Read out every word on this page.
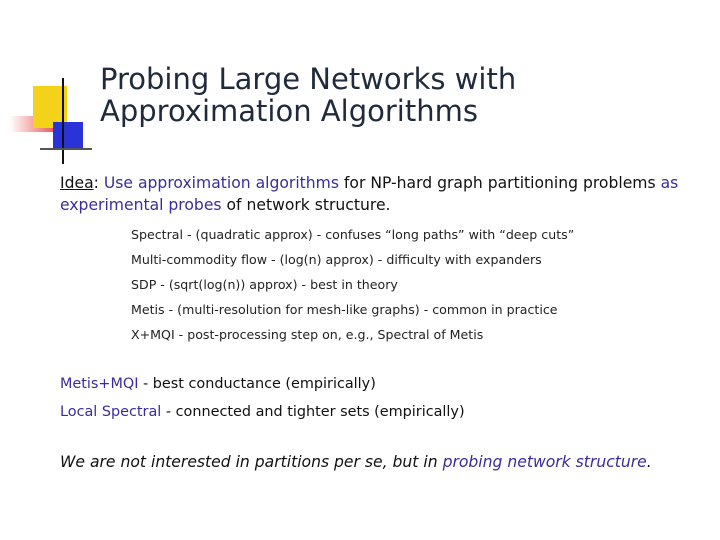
Probing Large Networks with
Approximation Algorithms

Idea: Use approximation algorithms for NP-hard graph partitioning problems as experimental probes of network structure.

Spectral - (quadratic approx) - confuses “long paths” with “deep cuts”
Multi-commodity flow - (log(n) approx) - difficulty with expanders
SDP - (sqrt(log(n)) approx) - best in theory
Metis - (multi-resolution for mesh-like graphs) - common in practice
X+MQI - post-processing step on, e.g., Spectral of Metis

Metis+MQI - best conductance (empirically)

Local Spectral - connected and tighter sets (empirically)

We are not interested in partitions per se, but in probing network structure.
